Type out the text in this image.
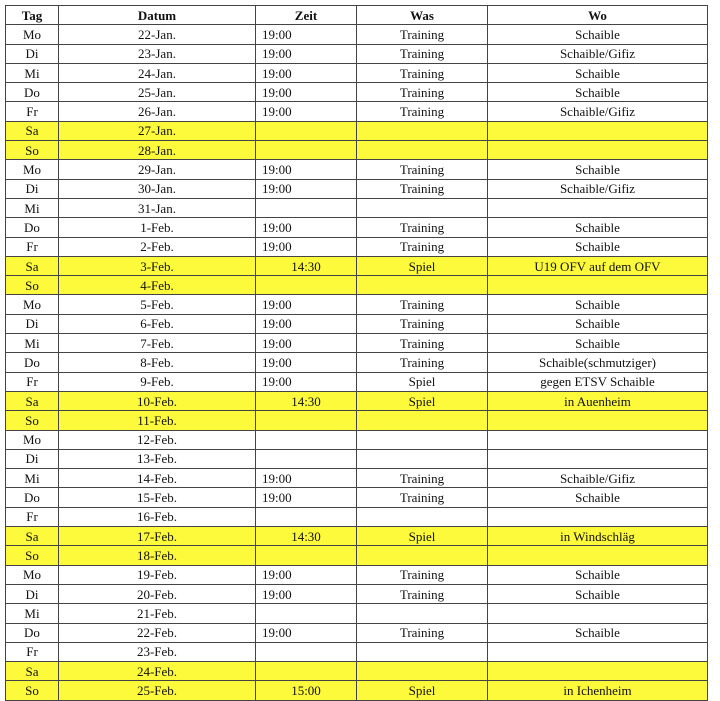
Tag	Datum	Zeit	Was	Wo
Mo	22-Jan.	19:00	Training	Schaible
Di	23-Jan.	19:00	Training	Schaible/Gifiz
Mi	24-Jan.	19:00	Training	Schaible
Do	25-Jan.	19:00	Training	Schaible
Fr	26-Jan.	19:00	Training	Schaible/Gifiz
Sa	27-Jan.			
So	28-Jan.			
Mo	29-Jan.	19:00	Training	Schaible
Di	30-Jan.	19:00	Training	Schaible/Gifiz
Mi	31-Jan.			
Do	1-Feb.	19:00	Training	Schaible
Fr	2-Feb.	19:00	Training	Schaible
Sa	3-Feb.	14:30	Spiel	U19 OFV auf dem OFV
So	4-Feb.			
Mo	5-Feb.	19:00	Training	Schaible
Di	6-Feb.	19:00	Training	Schaible
Mi	7-Feb.	19:00	Training	Schaible
Do	8-Feb.	19:00	Training	Schaible(schmutziger)
Fr	9-Feb.	19:00	Spiel	gegen ETSV Schaible
Sa	10-Feb.	14:30	Spiel	in Auenheim
So	11-Feb.			
Mo	12-Feb.			
Di	13-Feb.			
Mi	14-Feb.	19:00	Training	Schaible/Gifiz
Do	15-Feb.	19:00	Training	Schaible
Fr	16-Feb.			
Sa	17-Feb.	14:30	Spiel	in Windschläg
So	18-Feb.			
Mo	19-Feb.	19:00	Training	Schaible
Di	20-Feb.	19:00	Training	Schaible
Mi	21-Feb.			
Do	22-Feb.	19:00	Training	Schaible
Fr	23-Feb.			
Sa	24-Feb.			
So	25-Feb.	15:00	Spiel	in Ichenheim
